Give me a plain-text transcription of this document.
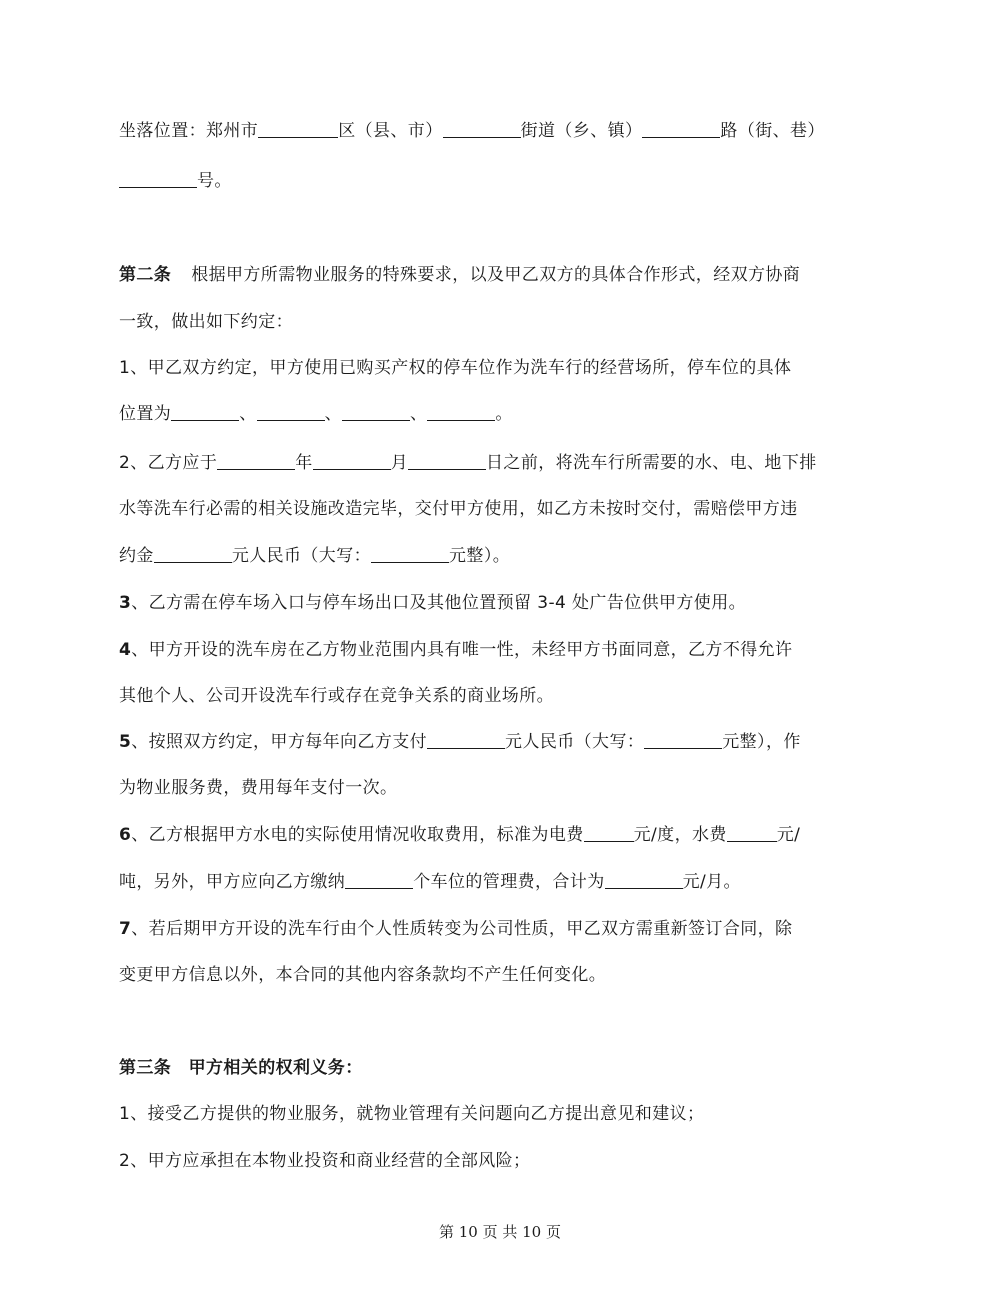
坐落位置：郑州市	区（县、市）	街道（乡、镇）	路（街、巷）
号。
第二条 根据甲方所需物业服务的特殊要求，以及甲乙双方的具体合作形式，经双方协商
一致，做出如下约定：
1、甲乙双方约定，甲方使用已购买产权的停车位作为洗车行的经营场所，停车位的具体
位置为	、	、	、	。
2、乙方应于	年	月	日之前，将洗车行所需要的水、电、地下排
水等洗车行必需的相关设施改造完毕，交付甲方使用，如乙方未按时交付，需赔偿甲方违
约金	元人民币（大写：	元整）。
3、乙方需在停车场入口与停车场出口及其他位置预留 3-4 处广告位供甲方使用。
4、甲方开设的洗车房在乙方物业范围内具有唯一性，未经甲方书面同意，乙方不得允许
其他个人、公司开设洗车行或存在竞争关系的商业场所。
5、按照双方约定，甲方每年向乙方支付	元人民币（大写：	元整），作
为物业服务费，费用每年支付一次。
6、乙方根据甲方水电的实际使用情况收取费用，标准为电费	元/度，水费	元/
吨，另外，甲方应向乙方缴纳	个车位的管理费，合计为	元/月。
7、若后期甲方开设的洗车行由个人性质转变为公司性质，甲乙双方需重新签订合同，除
变更甲方信息以外，本合同的其他内容条款均不产生任何变化。
第三条　甲方相关的权利义务：
1、接受乙方提供的物业服务，就物业管理有关问题向乙方提出意见和建议；
2、甲方应承担在本物业投资和商业经营的全部风险；
第 10 页 共 10 页
